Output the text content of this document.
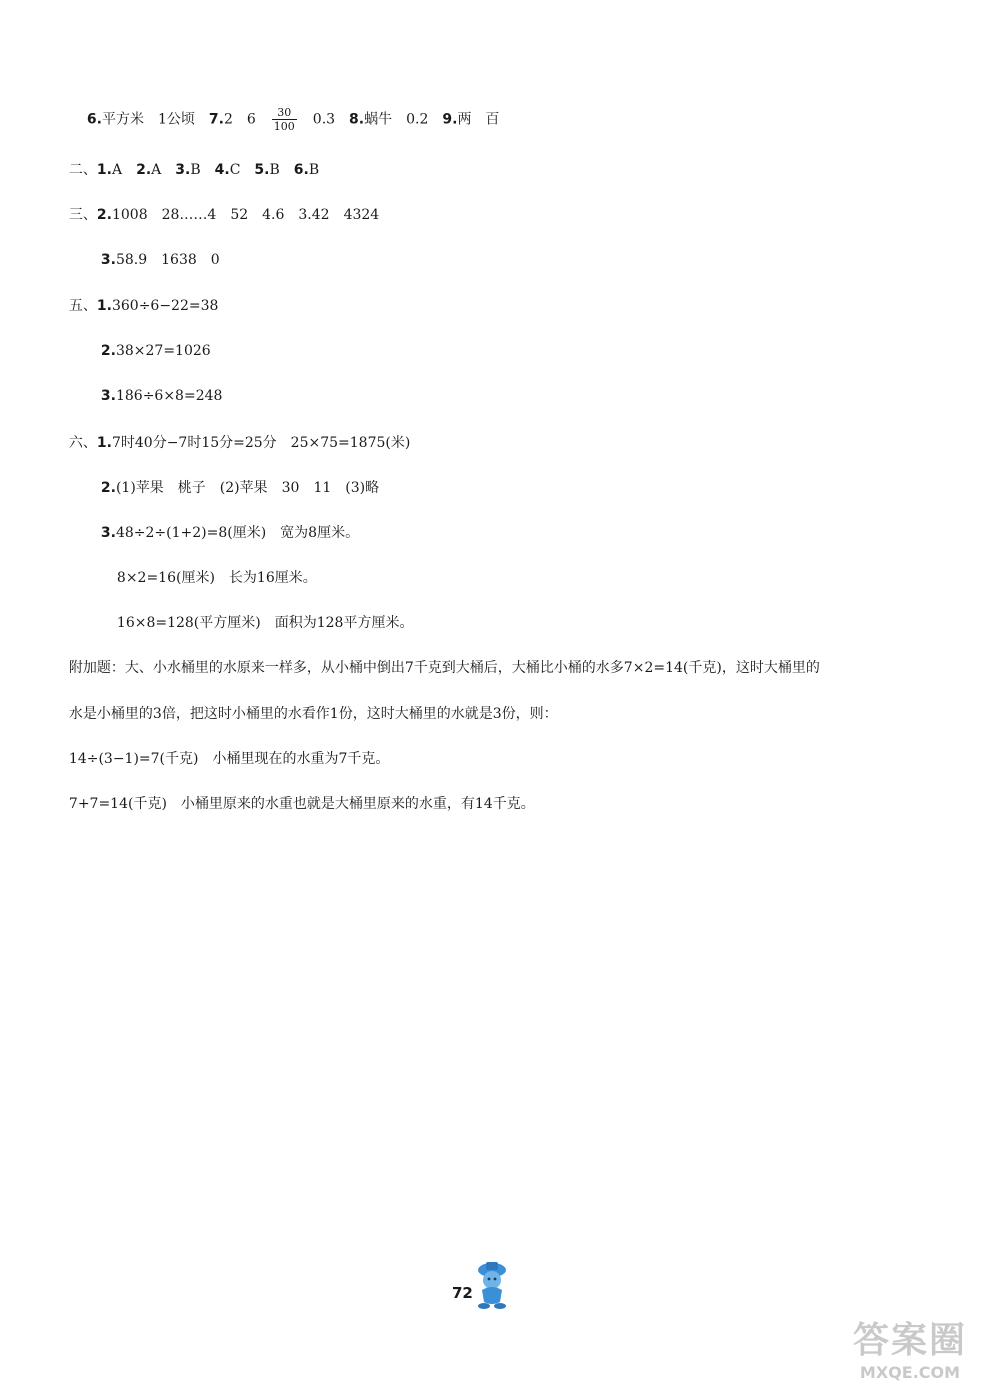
6.平方米　1公顷　7.2　6　 $\frac{30}{100}$ 　0.3　8.蜗牛　0.2　9.两　百

二、1.A　2.A　3.B　4.C　5.B　6.B

三、2.1008　28……4　52　4.6　3.42　4324

3.58.9　1638　0

五、1.360÷6−22=38

2.38×27=1026

3.186÷6×8=248

六、1.7时40分−7时15分=25分　25×75=1875(米)

2.(1)苹果　桃子　(2)苹果　30　11　(3)略

3.48÷2÷(1+2)=8(厘米)　宽为8厘米。

8×2=16(厘米)　长为16厘米。

16×8=128(平方厘米)　面积为128平方厘米。

附加题：大、小水桶里的水原来一样多，从小桶中倒出7千克到大桶后，大桶比小桶的水多7×2=14(千克)，这时大桶里的

水是小桶里的3倍，把这时小桶里的水看作1份，这时大桶里的水就是3份，则：

14÷(3−1)=7(千克)　小桶里现在的水重为7千克。

7+7=14(千克)　小桶里原来的水重也就是大桶里原来的水重，有14千克。

72
答案圈
MXQE.COM
